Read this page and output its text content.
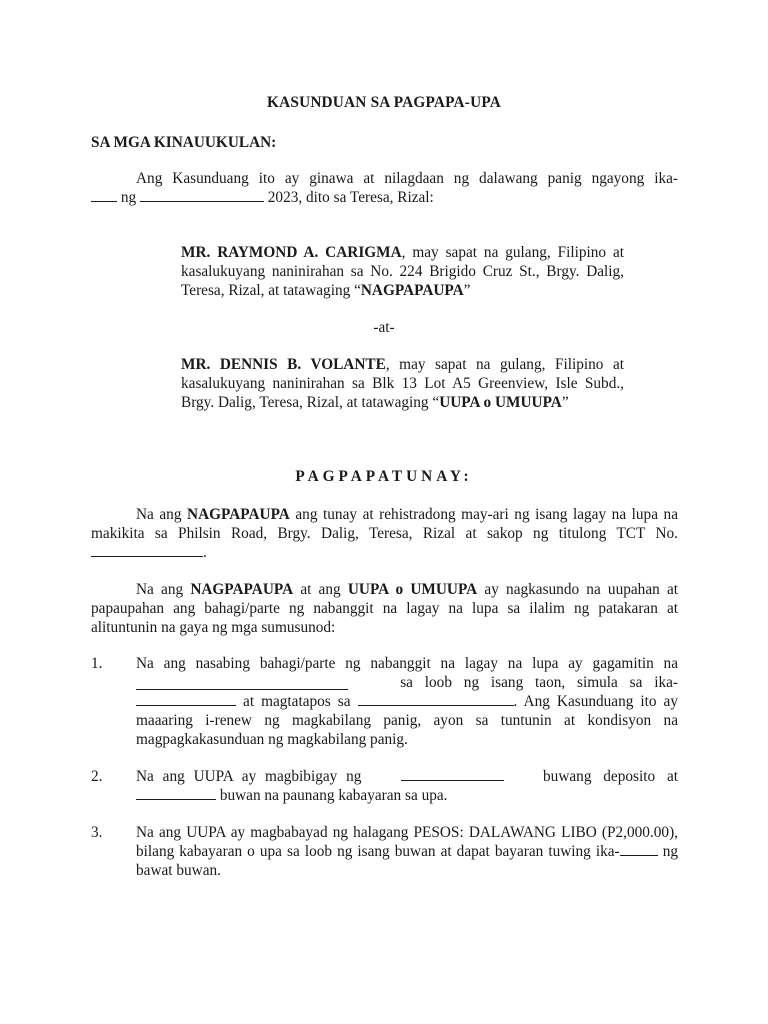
KASUNDUAN SA PAGPAPA-UPA
SA MGA KINAUUKULAN:
Ang Kasunduang ito ay ginawa at nilagdaan ng dalawang panig ngayong ika-
ng	2023, dito sa Teresa, Rizal:
MR. RAYMOND A. CARIGMA, may sapat na gulang, Filipino at kasalukuyang naninirahan sa No. 224 Brigido Cruz St., Brgy. Dalig, Teresa, Rizal, at tatawaging “NAGPAPAUPA”
-at-
MR. DENNIS B. VOLANTE, may sapat na gulang, Filipino at kasalukuyang naninirahan sa Blk 13 Lot A5 Greenview, Isle Subd., Brgy. Dalig, Teresa, Rizal, at tatawaging “UUPA o UMUUPA”
PAGPAPATUNAY:
Na ang NAGPAPAUPA ang tunay at rehistradong may-ari ng isang lagay na lupa na makikita sa Philsin Road, Brgy. Dalig, Teresa, Rizal at sakop ng titulong TCT No. .
Na ang NAGPAPAUPA at ang UUPA o UMUUPA ay nagkasundo na uupahan at papaupahan ang bahagi/parte ng nabanggit na lagay na lupa sa ilalim ng patakaran at alituntunin na gaya ng mga sumusunod:
1.	Na ang nasabing bahagi/parte ng nabanggit na lagay na lupa ay gagamitin na
sa loob ng isang taon, simula sa ika-
at magtatapos sa	. Ang Kasunduang ito ay maaaring i-renew ng magkabilang panig, ayon sa tuntunin at kondisyon na magpagkakasunduan ng magkabilang panig.
2.	Na ang UUPA ay magbibigay ng	buwang deposito at
buwan na paunang kabayaran sa upa.
3.	Na ang UUPA ay magbabayad ng halagang PESOS: DALAWANG LIBO (P2,000.00), bilang kabayaran o upa sa loob ng isang buwan at dapat bayaran tuwing ika-	ng bawat buwan.
